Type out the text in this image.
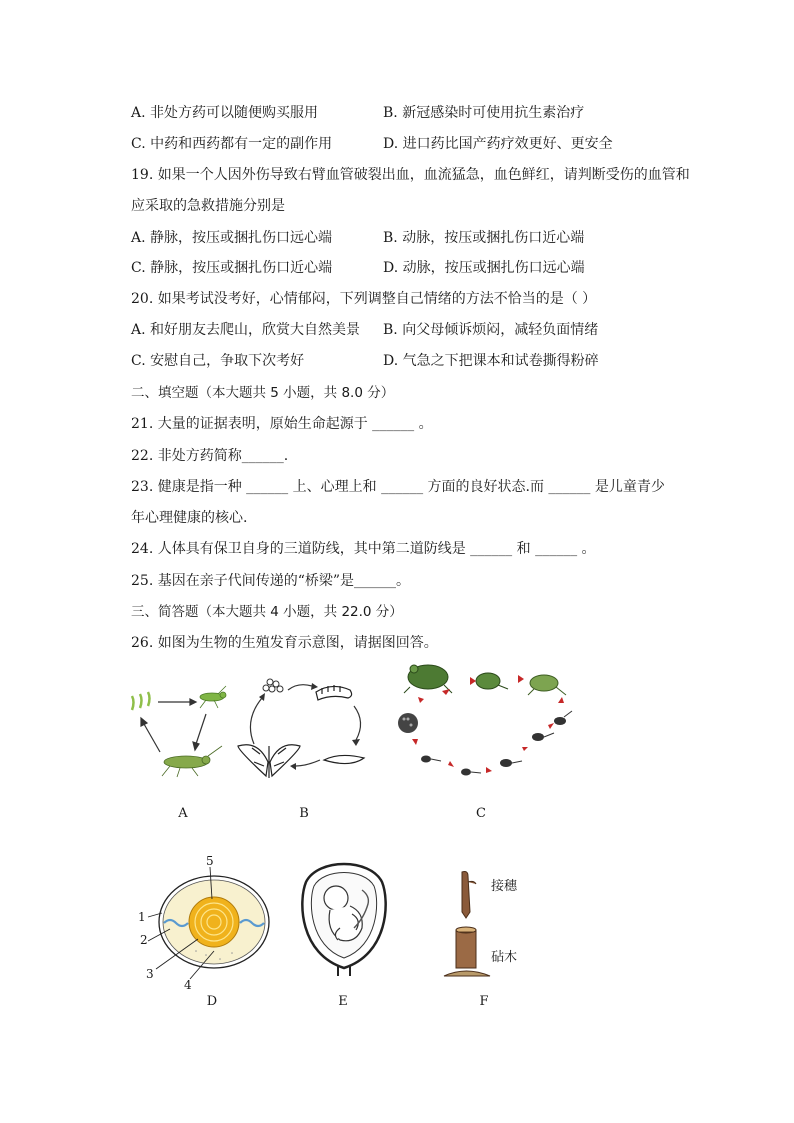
A. 非处方药可以随便购买服用	B. 新冠感染时可使用抗生素治疗
C. 中药和西药都有一定的副作用	D. 进口药比国产药疗效更好、更安全
19. 如果一个人因外伤导致右臂血管破裂出血，血流猛急，血色鲜红，请判断受伤的血管和
应采取的急救措施分别是
A. 静脉，按压或捆扎伤口远心端	B. 动脉，按压或捆扎伤口近心端
C. 静脉，按压或捆扎伤口近心端	D. 动脉，按压或捆扎伤口远心端
20. 如果考试没考好，心情郁闷，下列调整自己情绪的方法不恰当的是（ ）
A. 和好朋友去爬山，欣赏大自然美景 B. 向父母倾诉烦闷，减轻负面情绪
C. 安慰自己，争取下次考好	D. 气急之下把课本和试卷撕得粉碎
二、填空题（本大题共 5 小题，共 8.0 分）
21. 大量的证据表明，原始生命起源于 ______ 。
22. 非处方药简称______.
23. 健康是指一种 ______ 上、心理上和 ______ 方面的良好状态.而 ______ 是儿童青少
年心理健康的核心.
24. 人体具有保卫自身的三道防线，其中第二道防线是 ______ 和 ______ 。
25. 基因在亲子代间传递的“桥梁”是______。
三、简答题（本大题共 4 小题，共 22.0 分）
26. 如图为生物的生殖发育示意图，请据图回答。
A	B	C
5
1
2
3
4
D	E
接穗
砧木
F
